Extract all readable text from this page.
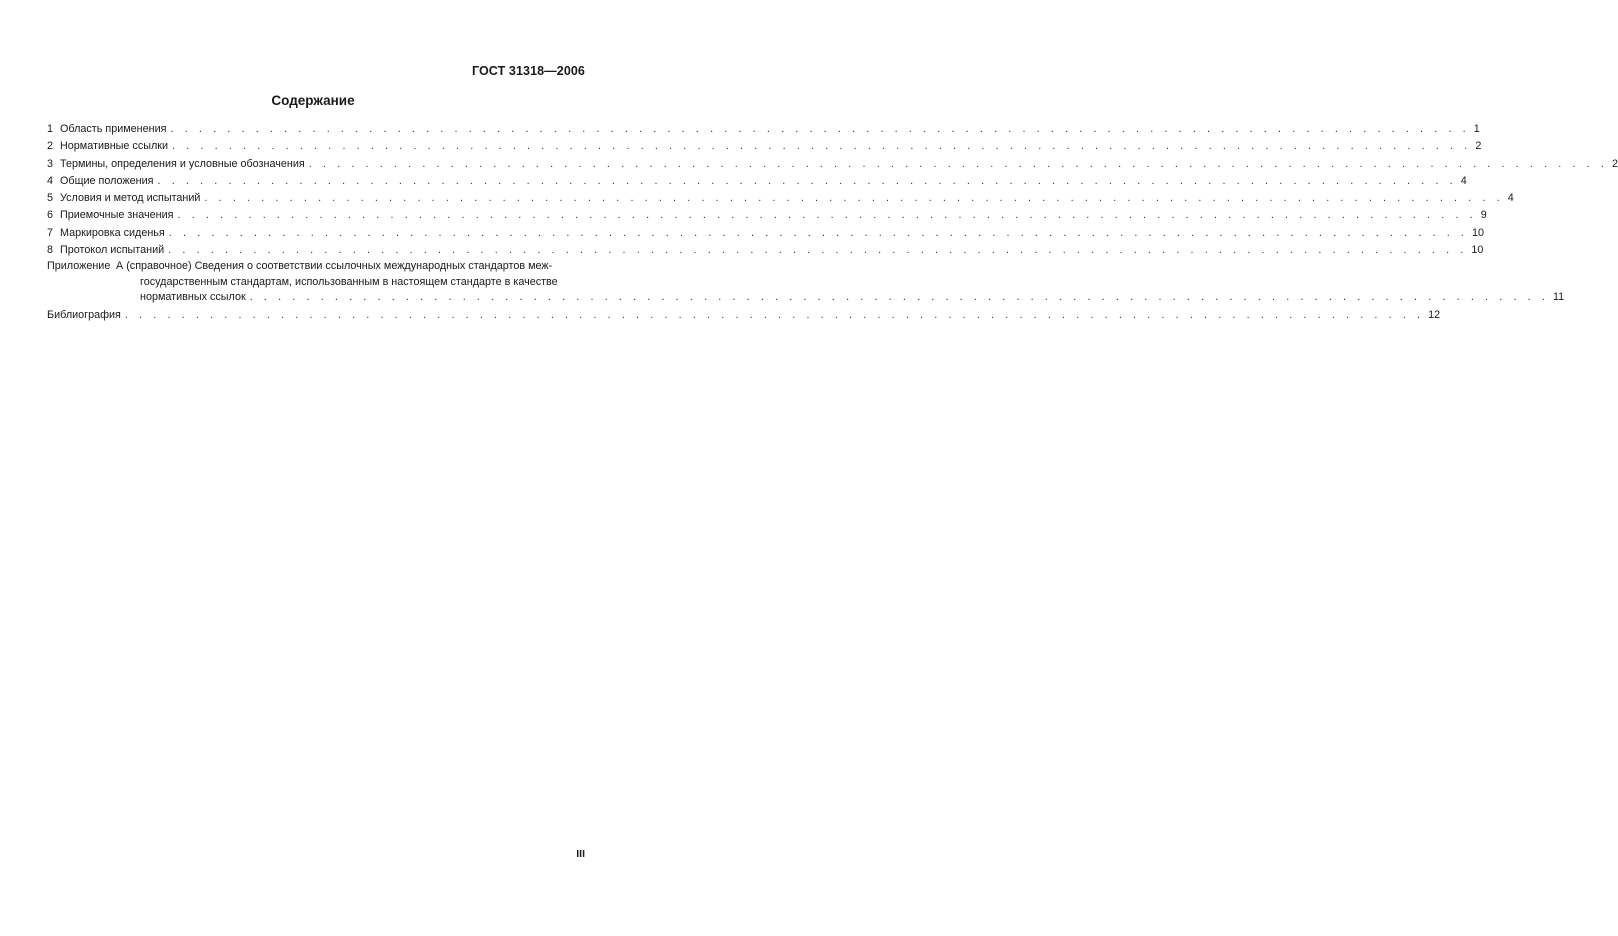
ГОСТ 31318—2006
Содержание
1 Область применения . . .	1
2 Нормативные ссылки . . .	2
3 Термины, определения и условные обозначения . . .	2
4 Общие положения . . .	4
5 Условия и метод испытаний . . .	4
6 Приемочные значения . . .	9
7 Маркировка сиденья . . .	10
8 Протокол испытаний . . .	10
Приложение А (справочное) Сведения о соответствии ссылочных международных стандартов меж-
государственным стандартам, использованным в настоящем стандарте в качестве
нормативных ссылок . . .	11
Библиография . . .	12
III
